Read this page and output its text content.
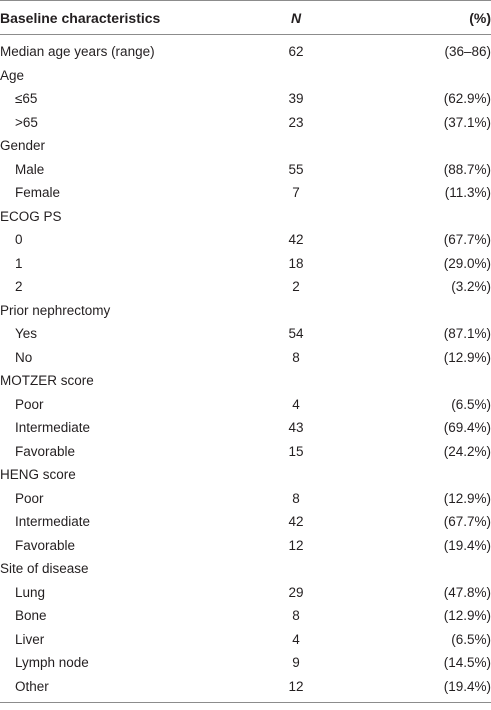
Baseline characteristics	N	(%)
Median age years (range)	62	(36–86)
Age
≤65	39	(62.9%)
>65	23	(37.1%)
Gender
Male	55	(88.7%)
Female	7	(11.3%)
ECOG PS
0	42	(67.7%)
1	18	(29.0%)
2	2	(3.2%)
Prior nephrectomy
Yes	54	(87.1%)
No	8	(12.9%)
MOTZER score
Poor	4	(6.5%)
Intermediate	43	(69.4%)
Favorable	15	(24.2%)
HENG score
Poor	8	(12.9%)
Intermediate	42	(67.7%)
Favorable	12	(19.4%)
Site of disease
Lung	29	(47.8%)
Bone	8	(12.9%)
Liver	4	(6.5%)
Lymph node	9	(14.5%)
Other	12	(19.4%)
